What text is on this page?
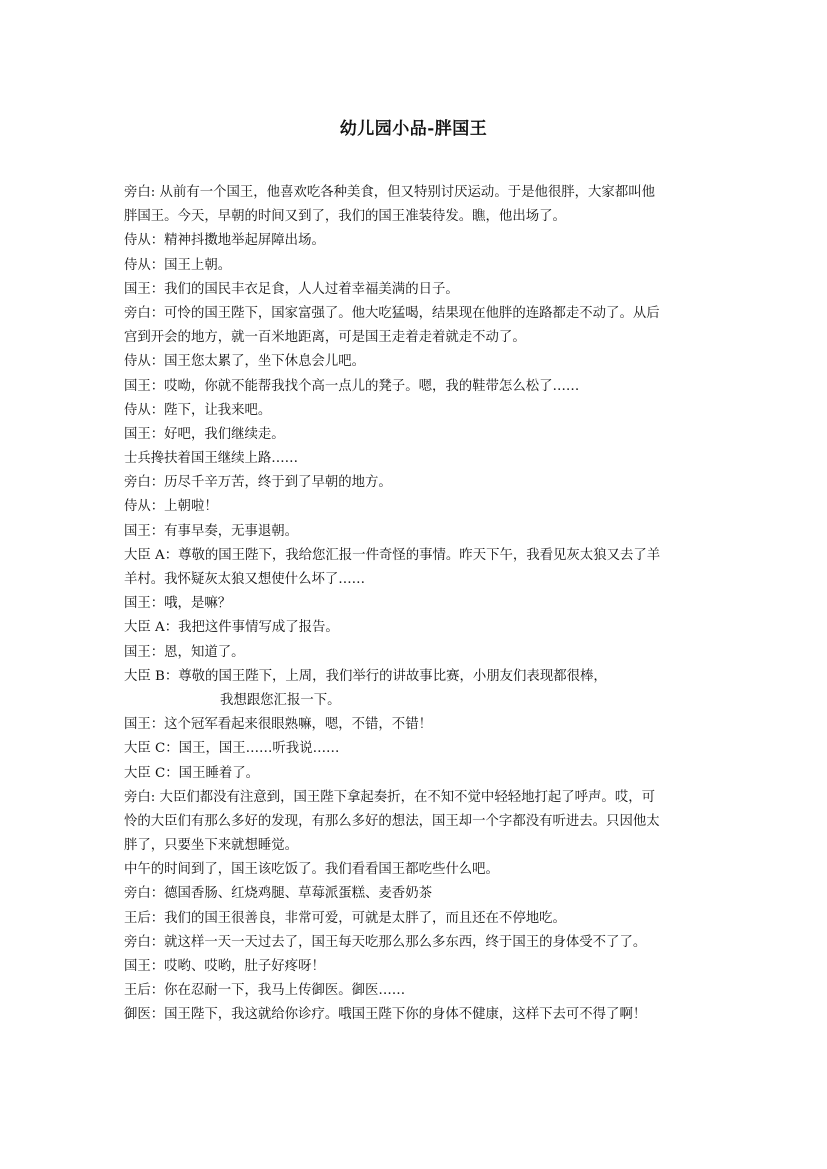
幼儿园小品-胖国王
旁白: 从前有一个国王，他喜欢吃各种美食，但又特别讨厌运动。于是他很胖，大家都叫他
胖国王。今天，早朝的时间又到了，我们的国王准装待发。瞧，他出场了。
侍从：精神抖擞地举起屏障出场。
侍从：国王上朝。
国王：我们的国民丰衣足食，人人过着幸福美满的日子。
旁白：可怜的国王陛下，国家富强了。他大吃猛喝，结果现在他胖的连路都走不动了。从后
宫到开会的地方，就一百米地距离，可是国王走着走着就走不动了。
侍从：国王您太累了，坐下休息会儿吧。
国王：哎呦，你就不能帮我找个高一点儿的凳子。嗯，我的鞋带怎么松了……
侍从：陛下，让我来吧。
国王：好吧，我们继续走。
士兵搀扶着国王继续上路……
旁白：历尽千辛万苦，终于到了早朝的地方。
侍从：上朝啦！
国王：有事早奏，无事退朝。
大臣 A：尊敬的国王陛下，我给您汇报一件奇怪的事情。昨天下午，我看见灰太狼又去了羊
羊村。我怀疑灰太狼又想使什么坏了……
国王：哦，是嘛？
大臣 A：我把这件事情写成了报告。
国王：恩，知道了。
大臣 B：尊敬的国王陛下，上周，我们举行的讲故事比赛，小朋友们表现都很棒，
我想跟您汇报一下。
国王：这个冠军看起来很眼熟嘛，嗯，不错，不错！
大臣 C：国王，国王……听我说……
大臣 C：国王睡着了。
旁白: 大臣们都没有注意到，国王陛下拿起奏折，在不知不觉中轻轻地打起了呼声。哎，可
怜的大臣们有那么多好的发现，有那么多好的想法，国王却一个字都没有听进去。只因他太
胖了，只要坐下来就想睡觉。
中午的时间到了，国王该吃饭了。我们看看国王都吃些什么吧。
旁白：德国香肠、红烧鸡腿、草莓派蛋糕、麦香奶茶
王后：我们的国王很善良，非常可爱，可就是太胖了，而且还在不停地吃。
旁白：就这样一天一天过去了，国王每天吃那么那么多东西，终于国王的身体受不了了。
国王：哎哟、哎哟，肚子好疼呀！
王后：你在忍耐一下，我马上传御医。御医……
御医：国王陛下，我这就给你诊疗。哦国王陛下你的身体不健康，这样下去可不得了啊！
